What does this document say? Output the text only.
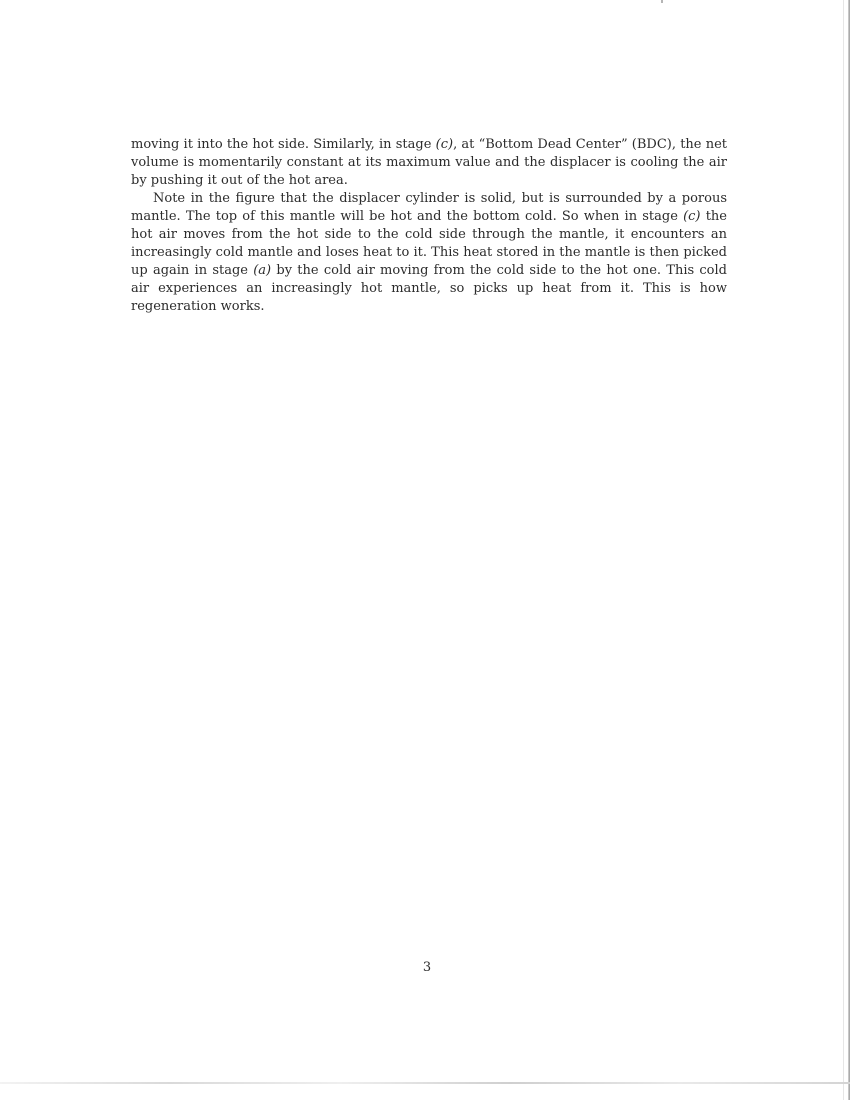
moving it into the hot side. Similarly, in stage (c), at “Bottom Dead Center” (BDC), the net volume is momentarily constant at its maximum value and the displacer is cooling the air by pushing it out of the hot area.

Note in the figure that the displacer cylinder is solid, but is surrounded by a porous mantle. The top of this mantle will be hot and the bottom cold. So when in stage (c) the hot air moves from the hot side to the cold side through the mantle, it encounters an increasingly cold mantle and loses heat to it. This heat stored in the mantle is then picked up again in stage (a) by the cold air moving from the cold side to the hot one. This cold air experiences an increasingly hot mantle, so picks up heat from it. This is how regeneration works.

3
